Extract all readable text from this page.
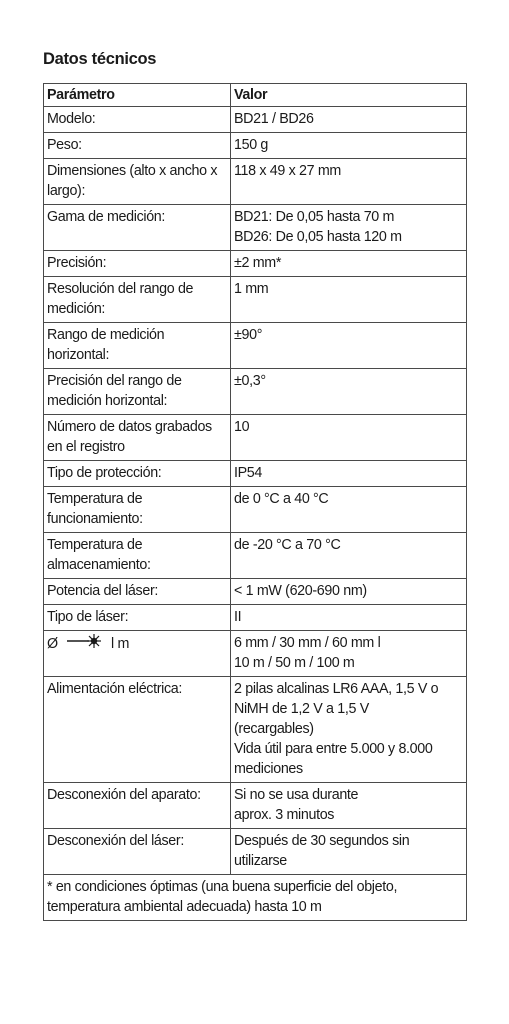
Datos técnicos
Parámetro	Valor

Modelo:	BD21 / BD26

Peso:	150 g

Dimensiones (alto x ancho x
largo):	118 x 49 x 27 mm

Gama de medición:	BD21: De 0,05 hasta 70 m
BD26: De 0,05 hasta 120 m

Precisión:	±2 mm*

Resolución del rango de
medición:	1 mm

Rango de medición
horizontal:	±90°

Precisión del rango de
medición horizontal:	±0,3°

Número de datos grabados
en el registro	10

Tipo de protección:	IP54

Temperatura de
funcionamiento:	de 0 °C a 40 °C

Temperatura de
almacenamiento:	de -20 °C a 70 °C

Potencia del láser:	< 1 mW (620-690 nm)

Tipo de láser:	II

Ø l m	6 mm / 30 mm / 60 mm l
10 m / 50 m / 100 m

Alimentación eléctrica:	2 pilas alcalinas LR6 AAA, 1,5 V o
NiMH de 1,2 V a 1,5 V
(recargables)
Vida útil para entre 5.000 y 8.000
mediciones

Desconexión del aparato:	Si no se usa durante
aprox. 3 minutos

Desconexión del láser:	Después de 30 segundos sin
utilizarse

* en condiciones óptimas (una buena superficie del objeto,
temperatura ambiental adecuada) hasta 10 m	
